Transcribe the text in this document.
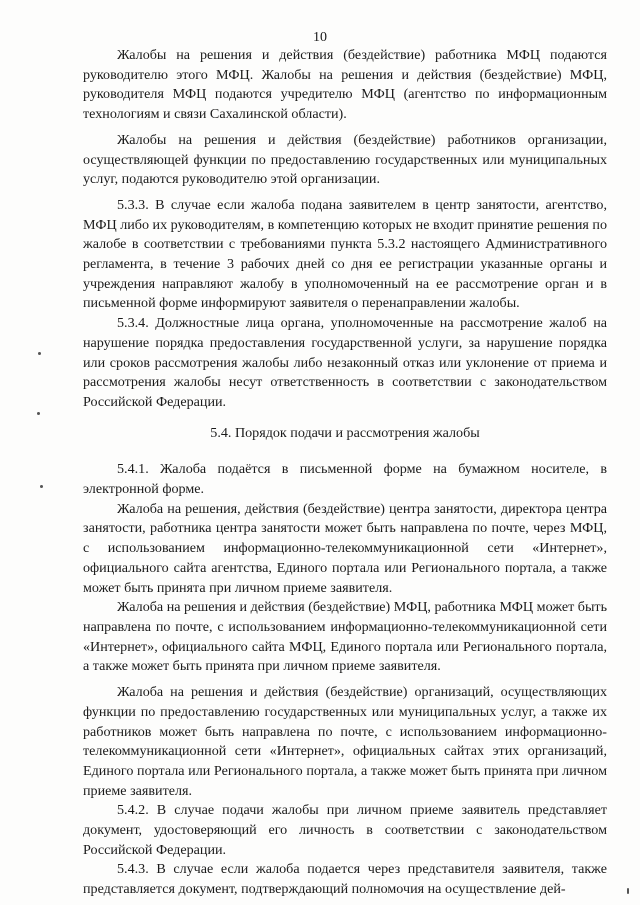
10

Жалобы на решения и действия (бездействие) работника МФЦ подаются руководителю этого МФЦ. Жалобы на решения и действия (бездействие) МФЦ, руководителя МФЦ подаются учредителю МФЦ (агентство по информационным технологиям и связи Сахалинской области).

Жалобы на решения и действия (бездействие) работников организации, осуществляющей функции по предоставлению государственных или муниципальных услуг, подаются руководителю этой организации.

5.3.3. В случае если жалоба подана заявителем в центр занятости, агентство, МФЦ либо их руководителям, в компетенцию которых не входит принятие решения по жалобе в соответствии с требованиями пункта 5.3.2 настоящего Административного регламента, в течение 3 рабочих дней со дня ее регистрации указанные органы и учреждения направляют жалобу в уполномоченный на ее рассмотрение орган и в письменной форме информируют заявителя о перенаправлении жалобы.

5.3.4. Должностные лица органа, уполномоченные на рассмотрение жалоб на нарушение порядка предоставления государственной услуги, за нарушение порядка или сроков рассмотрения жалобы либо незаконный отказ или уклонение от приема и рассмотрения жалобы несут ответственность в соответствии с законодательством Российской Федерации.

5.4. Порядок подачи и рассмотрения жалобы

5.4.1. Жалоба подаётся в письменной форме на бумажном носителе, в электронной форме.

Жалоба на решения, действия (бездействие) центра занятости, директора центра занятости, работника центра занятости может быть направлена по почте, через МФЦ, с использованием информационно-телекоммуникационной сети «Интернет», официального сайта агентства, Единого портала или Регионального портала, а также может быть принята при личном приеме заявителя.

Жалоба на решения и действия (бездействие) МФЦ, работника МФЦ может быть направлена по почте, с использованием информационно-телекоммуникационной сети «Интернет», официального сайта МФЦ, Единого портала или Регионального портала, а также может быть принята при личном приеме заявителя.

Жалоба на решения и действия (бездействие) организаций, осуществляющих функции по предоставлению государственных или муниципальных услуг, а также их работников может быть направлена по почте, с использованием информационно-телекоммуникационной сети «Интернет», официальных сайтах этих организаций, Единого портала или Регионального портала, а также может быть принята при личном приеме заявителя.

5.4.2. В случае подачи жалобы при личном приеме заявитель представляет документ, удостоверяющий его личность в соответствии с законодательством Российской Федерации.

5.4.3. В случае если жалоба подается через представителя заявителя, также представляется документ, подтверждающий полномочия на осуществление дей-
